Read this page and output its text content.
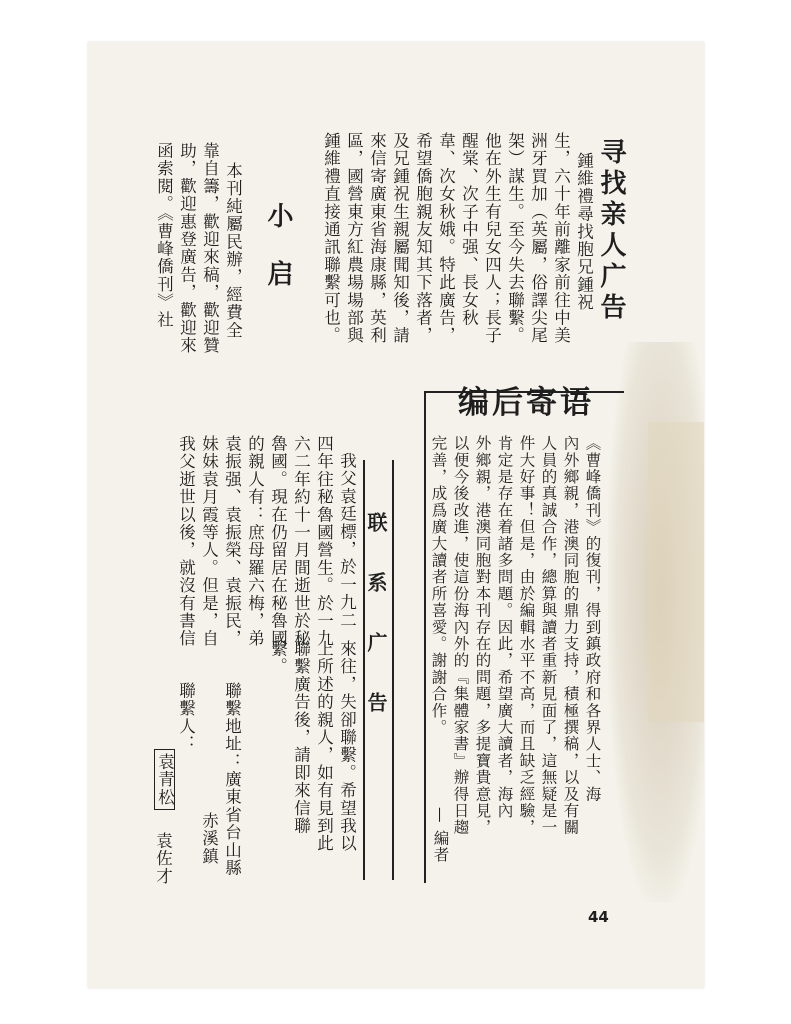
寻找亲人广告
鍾維禮尋找胞兄鍾祝
生，六十年前離家前往中美
洲牙買加（英屬，俗譯尖尾
架）謀生。至今失去聯繫。
他在外生有兒女四人；長子
醒棠、次子中强、長女秋
韋、次女秋娥。特此廣告，
希望僑胞親友知其下落者，
及兄鍾祝生親屬聞知後，請
來信寄廣東省海康縣，英利
區，國營東方紅農場場部與
鍾維禮直接通訊聯繫可也。
小启
本刊純屬民辦，經費全
靠自籌，歡迎來稿，歡迎贊
助，歡迎惠登廣告，歡迎來
函索閱。《曹峰僑刊》社
编后寄语
《曹峰僑刊》的復刊，得到鎮政府和各界人士、海
內外鄉親，港澳同胞的鼎力支持，積極撰稿，以及有關
人員的真誠合作，總算與讀者重新見面了，這無疑是一
件大好事！但是，由於編輯水平不高，而且缺乏經驗，
肯定是存在着諸多問題。因此，希望廣大讀者，海內
外鄉親，港澳同胞對本刊存在的問題，多提寶貴意見，
以便今後改進，使這份海內外的『集體家書』辦得日趨
完善，成爲廣大讀者所喜愛。謝謝合作。
— 編者
联系广告
我父袁廷標，於一九二
四年往秘魯國營生。於一九
六二年約十一月間逝世於秘
魯國。現在仍留居在秘魯國
的親人有：庶母羅六梅，弟
袁振强、袁振榮、袁振民，
妹妹袁月霞等人。但是，自
我父逝世以後，就沒有書信
來往，失卻聯繫。希望我以
上所述的親人，如有見到此
聯繫廣告後，請即來信聯
繫。
聯繫地址：廣東省台山縣
赤溪鎮
聯繫人：
袁青松
袁佐才
44
